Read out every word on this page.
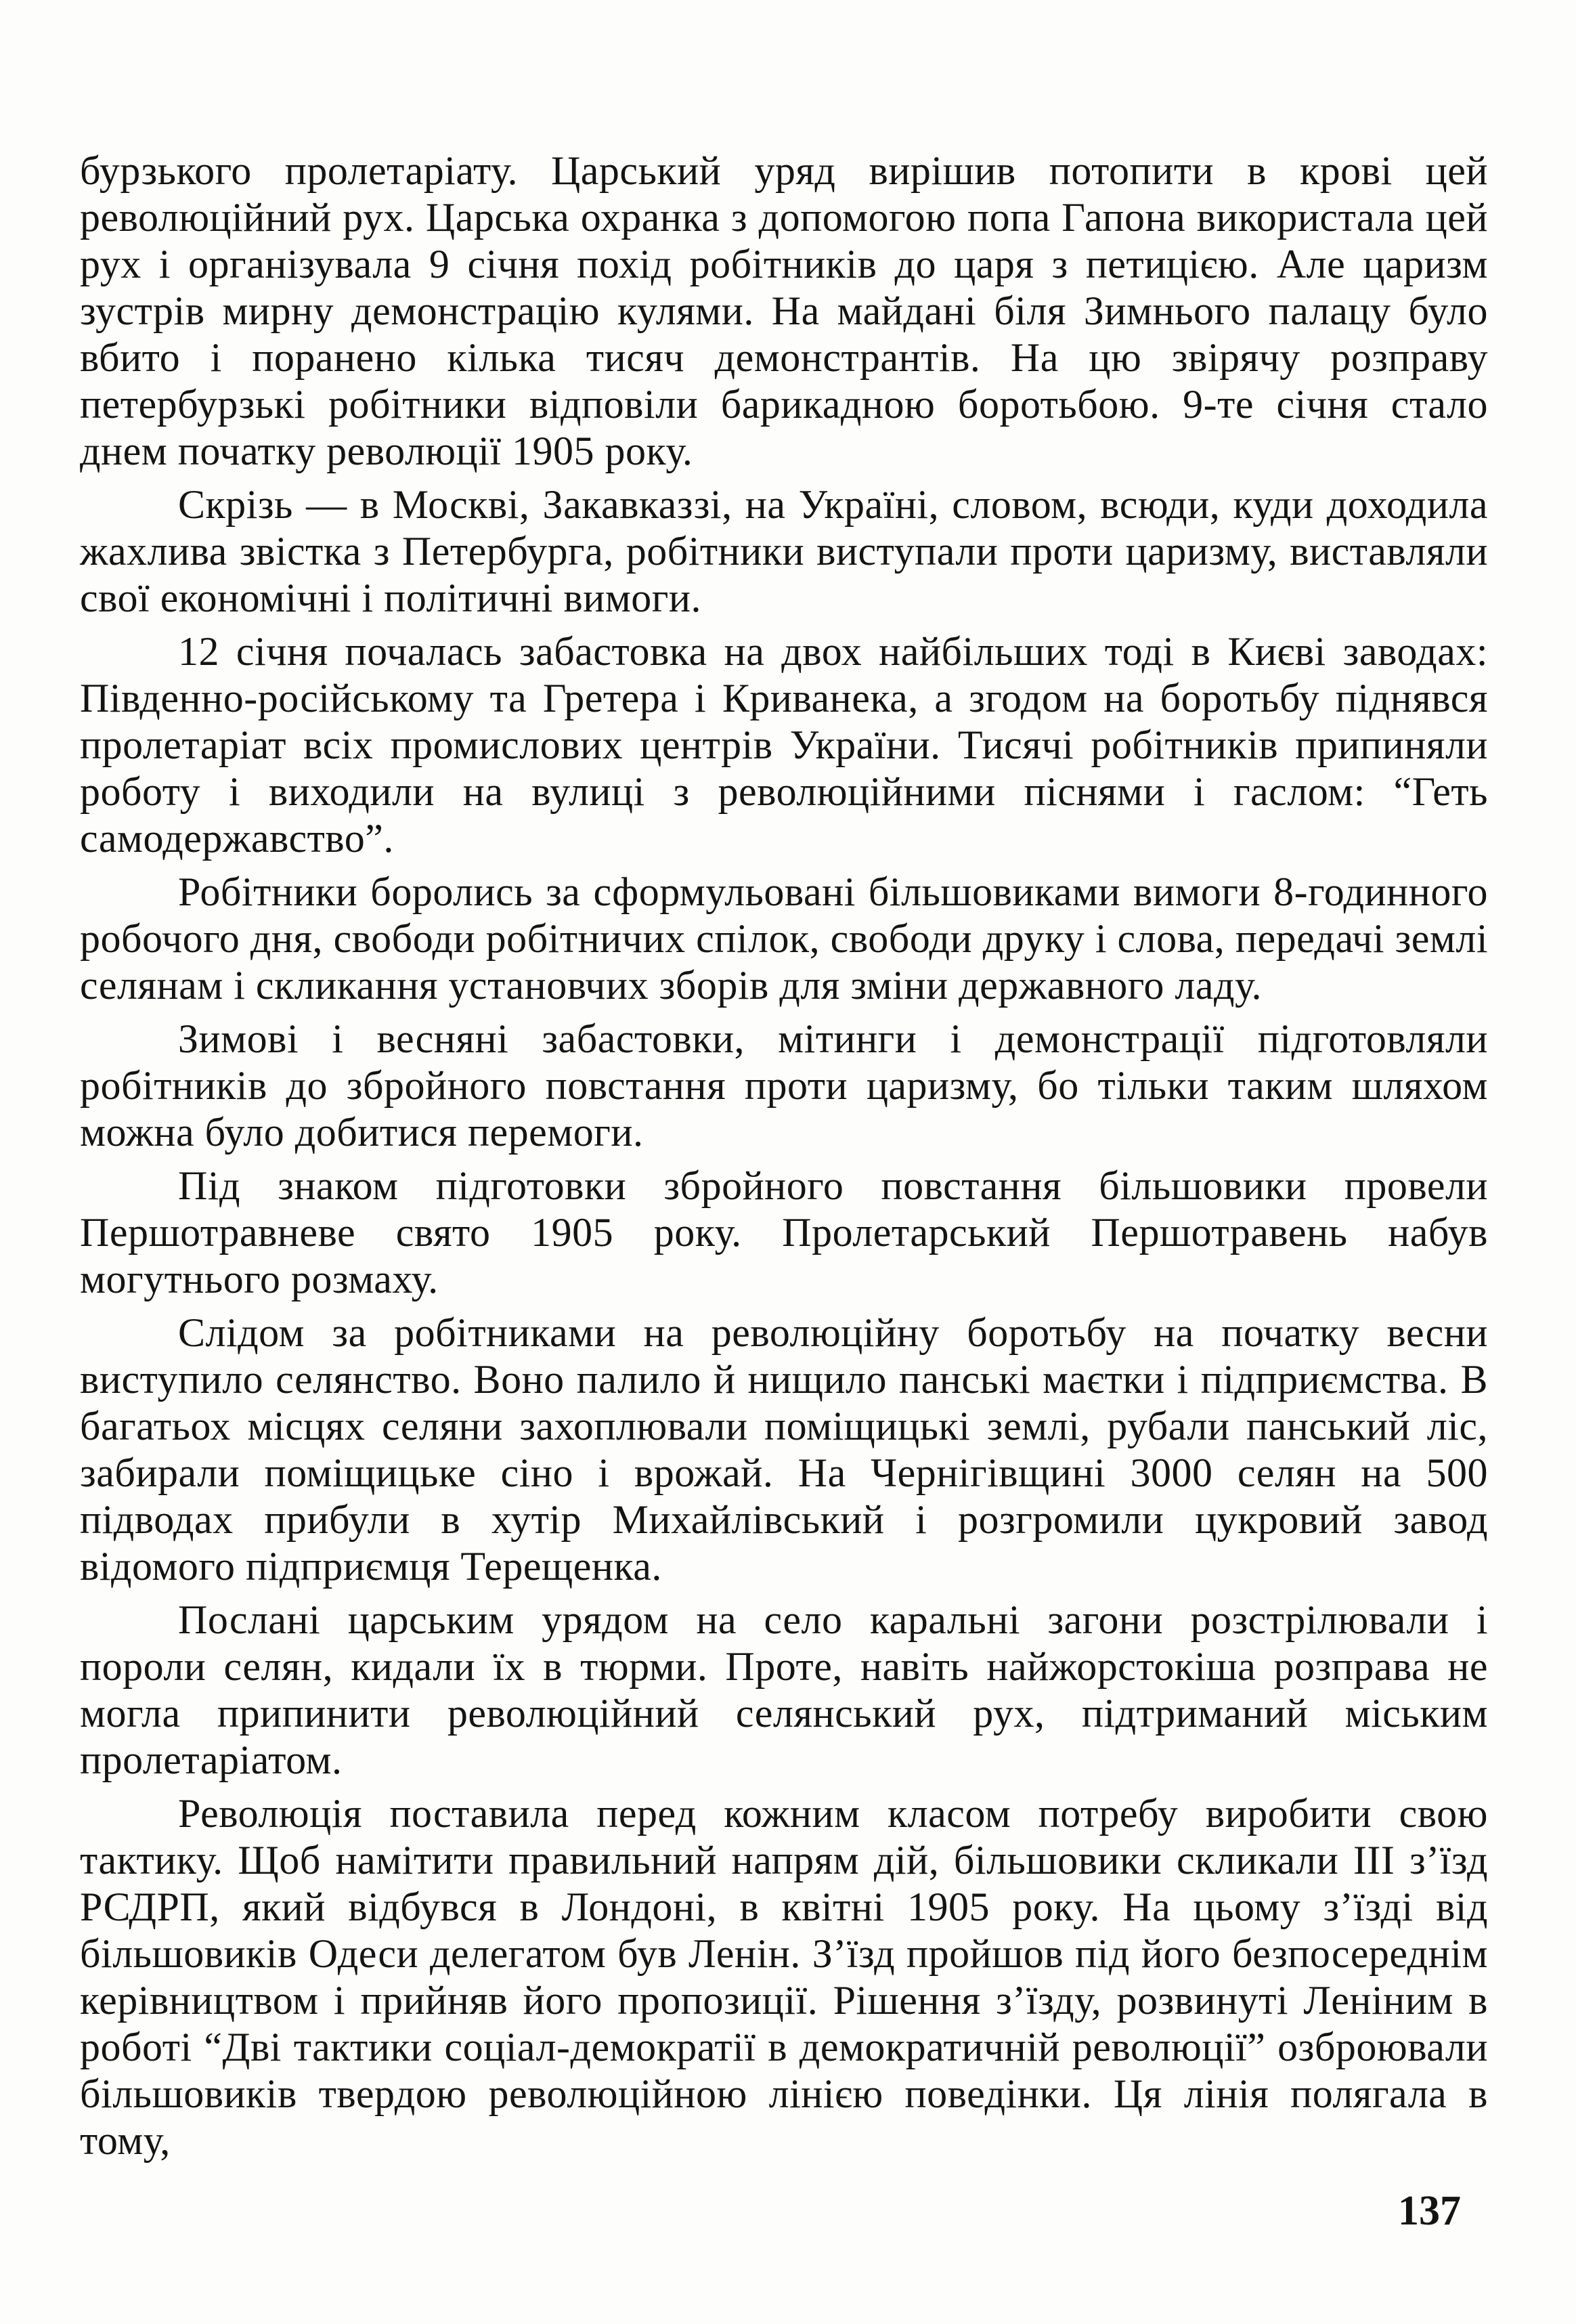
бурзького пролетаріату. Царський уряд вирішив потопити в крові цей революційний рух. Царська охранка з допомогою попа Гапона використала цей рух і організувала 9 січня похід робітників до царя з петицією. Але царизм зустрів мирну демонстрацію кулями. На майдані біля Зимнього палацу було вбито і поранено кілька тисяч демонстрантів. На цю звірячу розправу петербурзькі робітники відповіли барикадною боротьбою. 9-те січня стало днем початку революції 1905 року.

Скрізь — в Москві, Закавказзі, на Україні, словом, всюди, куди доходила жахлива звістка з Петербурга, робітники виступали проти царизму, виставляли свої економічні і політичні вимоги.

12 січня почалась забастовка на двох найбільших тоді в Києві заводах: Південно-російському та Гретера і Криванека, а згодом на боротьбу піднявся пролетаріат всіх промислових центрів України. Тисячі робітників припиняли роботу і виходили на вулиці з революційними піснями і гаслом: “Геть самодержавство”.

Робітники боролись за сформульовані більшовиками вимоги 8-годинного робочого дня, свободи робітничих спілок, свободи друку і слова, передачі землі селянам і скликання установчих зборів для зміни державного ладу.

Зимові і весняні забастовки, мітинги і демонстрації підготовляли робітників до збройного повстання проти царизму, бо тільки таким шляхом можна було добитися перемоги.

Під знаком підготовки збройного повстання більшовики провели Першотравневе свято 1905 року. Пролетарський Першотравень набув могутнього розмаху.

Слідом за робітниками на революційну боротьбу на початку весни виступило селянство. Воно палило й нищило панські маєтки і підприємства. В багатьох місцях селяни захоплювали поміщицькі землі, рубали панський ліс, забирали поміщицьке сіно і врожай. На Чернігівщині 3000 селян на 500 підводах прибули в хутір Михайлівський і розгромили цукровий завод відомого підприємця Терещенка.

Послані царським урядом на село каральні загони розстрілювали і пороли селян, кидали їх в тюрми. Проте, навіть найжорстокіша розправа не могла припинити революційний селянський рух, підтриманий міським пролетаріатом.

Революція поставила перед кожним класом потребу виробити свою тактику. Щоб намітити правильний напрям дій, більшовики скликали III з’їзд РСДРП, який відбувся в Лондоні, в квітні 1905 року. На цьому з’їзді від більшовиків Одеси делегатом був Ленін. З’їзд пройшов під його безпосереднім керівництвом і прийняв його пропозиції. Рішення з’їзду, розвинуті Леніним в роботі “Дві тактики соціал-демократії в демократичній революції” озброювали більшовиків твердою революційною лінією поведінки. Ця лінія полягала в тому,

137
